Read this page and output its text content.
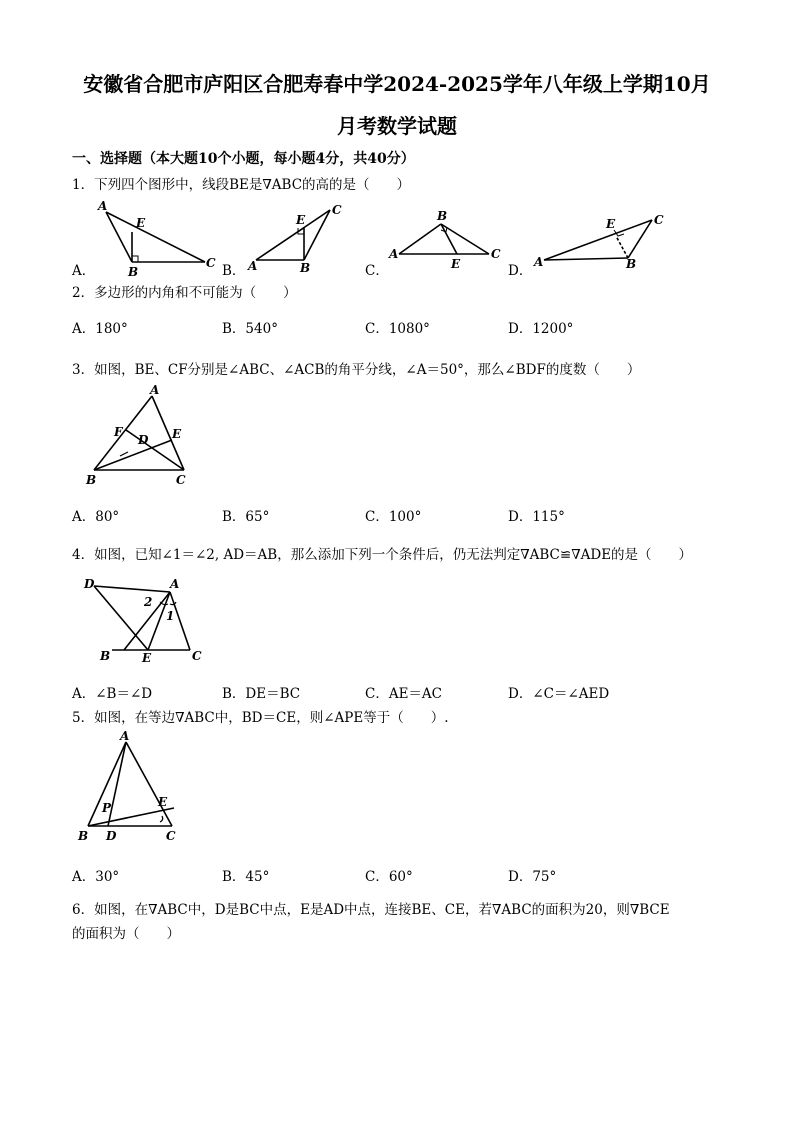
安徽省合肥市庐阳区合肥寿春中学2024-2025学年八年级上学期10月
月考数学试题
一、选择题（本大题10个小题，每小题4分，共40分）
1．下列四个图形中，线段BE是∇ABC的高的是（　　）
A
E
B
C
A．
E
C
A	B
B．
B
A
E
C
C．
E	C
A	B
D．
2．多边形的内角和不可能为（　　）
A．180°	B．540°	C．1080°	D．1200°
3．如图，BE、CF分别是∠ABC、∠ACB的角平分线，∠A＝50°，那么∠BDF的度数（　　）
A
F
D E
B	C
A．80°	B．65°	C．100°	D．115°
4．如图，已知∠1＝∠2, AD＝AB，那么添加下列一个条件后，仍无法判定∇ABC≌∇ADE的是（　　）
D	A
2
1
B	E	C
A．∠B＝∠D	B．DE＝BC	C．AE＝AC	D．∠C＝∠AED
5．如图，在等边∇ABC中，BD＝CE，则∠APE等于（　　）.
A
P	E
B D	C
A．30°	B．45°	C．60°	D．75°
6．如图，在∇ABC中，D是BC中点，E是AD中点，连接BE、CE，若∇ABC的面积为20，则∇BCE
的面积为（　　）
